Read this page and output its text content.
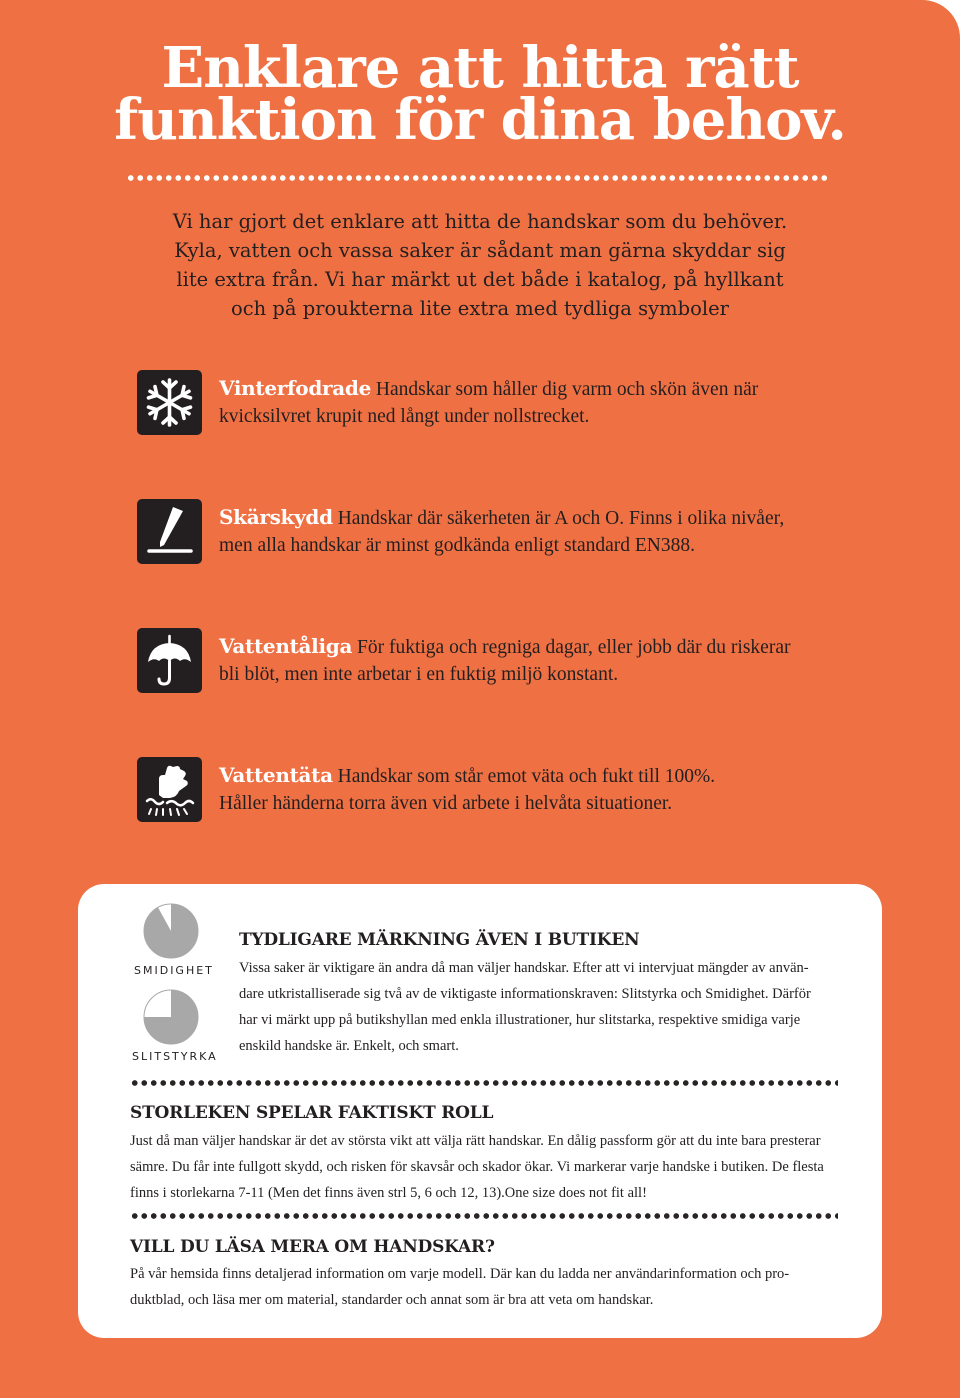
Enklare att hitta rätt
funktion för dina behov.

Vi har gjort det enklare att hitta de handskar som du behöver.
Kyla, vatten och vassa saker är sådant man gärna skyddar sig
lite extra från. Vi har märkt ut det både i katalog, på hyllkant
och på proukterna lite extra med tydliga symboler

Vinterfodrade Handskar som håller dig varm och skön även när
kvicksilvret krupit ned långt under nollstrecket.

Skärskydd Handskar där säkerheten är A och O. Finns i olika nivåer,
men alla handskar är minst godkända enligt standard EN388.

Vattentåliga För fuktiga och regniga dagar, eller jobb där du riskerar
bli blöt, men inte arbetar i en fuktig miljö konstant.

Vattentäta Handskar som står emot väta och fukt till 100%.
Håller händerna torra även vid arbete i helvåta situationer.

SMIDIGHET

SLITSTYRKA

TYDLIGARE MÄRKNING ÄVEN I BUTIKEN

Vissa saker är viktigare än andra då man väljer handskar. Efter att vi intervjuat mängder av använ-
dare utkristalliserade sig två av de viktigaste informationskraven: Slitstyrka och Smidighet. Därför
har vi märkt upp på butikshyllan med enkla illustrationer, hur slitstarka, respektive smidiga varje
enskild handske är. Enkelt, och smart.

STORLEKEN SPELAR FAKTISKT ROLL

Just då man väljer handskar är det av största vikt att välja rätt handskar. En dålig passform gör att du inte bara presterar
sämre. Du får inte fullgott skydd, och risken för skavsår och skador ökar. Vi markerar varje handske i butiken. De flesta
finns i storlekarna 7-11 (Men det finns även strl 5, 6 och 12, 13).One size does not fit all!

VILL DU LÄSA MERA OM HANDSKAR?

På vår hemsida finns detaljerad information om varje modell. Där kan du ladda ner användarinformation och pro-
duktblad, och läsa mer om material, standarder och annat som är bra att veta om handskar.
